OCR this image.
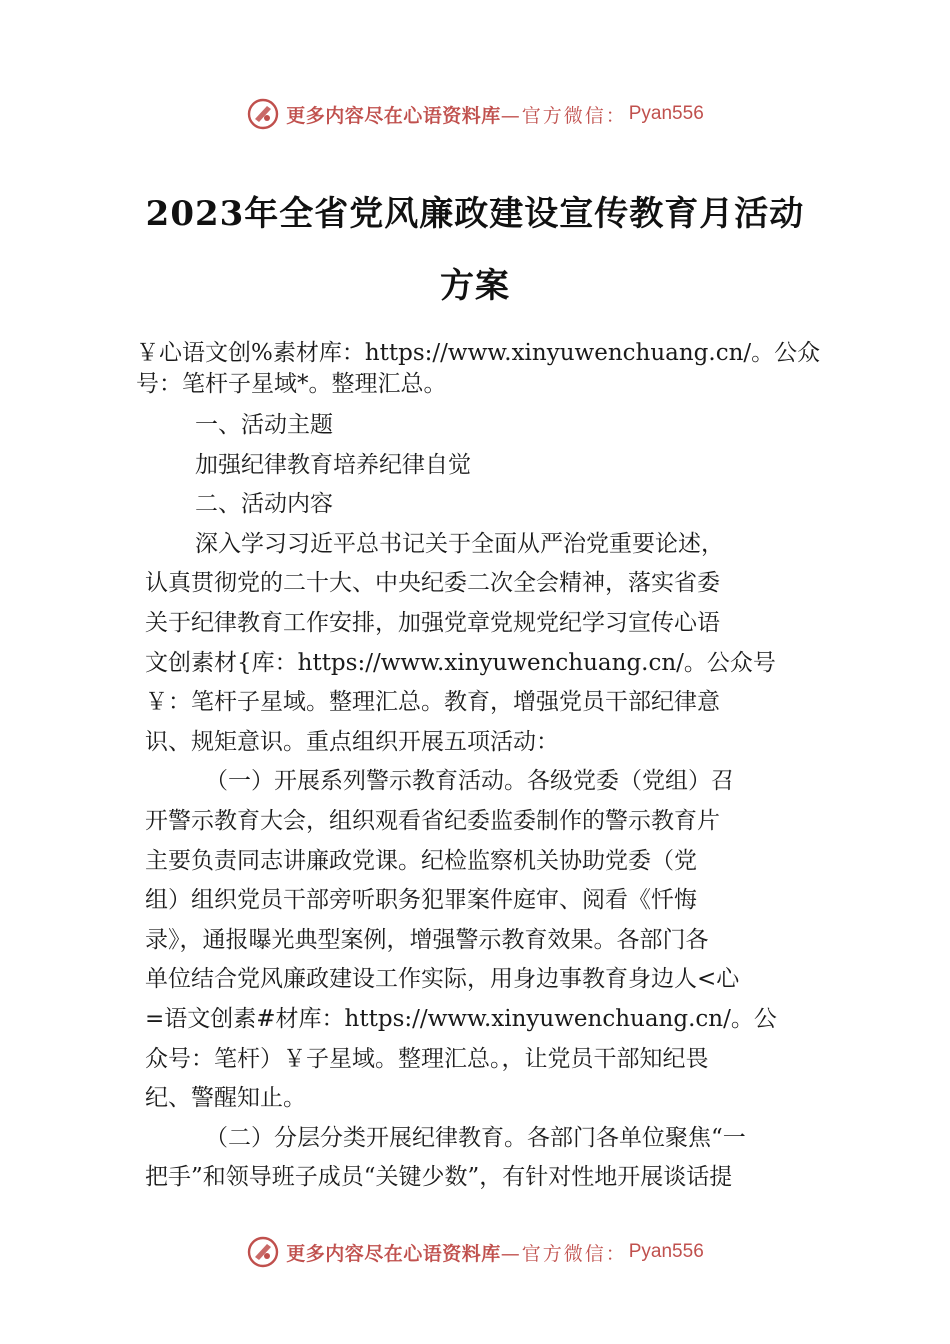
更多内容尽在心语资料库 —官方微信： Pyan556
2023年全省党风廉政建设宣传教育月活动
方案
￥心语文创%素材库：https://www.xinyuwenchuang.cn/。公众
号：笔杆子星域*。整理汇总。
一、活动主题
加强纪律教育培养纪律自觉
二、活动内容
深入学习习近平总书记关于全面从严治党重要论述，
认真贯彻党的二十大、中央纪委二次全会精神，落实省委
关于纪律教育工作安排，加强党章党规党纪学习宣传心语
文创素材{库：https://www.xinyuwenchuang.cn/。公众号
￥：笔杆子星域。整理汇总。教育，增强党员干部纪律意
识、规矩意识。重点组织开展五项活动：
（一）开展系列警示教育活动。各级党委（党组）召
开警示教育大会，组织观看省纪委监委制作的警示教育片
主要负责同志讲廉政党课。纪检监察机关协助党委（党
组）组织党员干部旁听职务犯罪案件庭审、阅看《忏悔
录》，通报曝光典型案例，增强警示教育效果。各部门各
单位结合党风廉政建设工作实际，用身边事教育身边人<心
=语文创素#材库：https://www.xinyuwenchuang.cn/。公
众号：笔杆）￥子星域。整理汇总。，让党员干部知纪畏
纪、警醒知止。
（二）分层分类开展纪律教育。各部门各单位聚焦“一
把手”和领导班子成员“关键少数”，有针对性地开展谈话提
更多内容尽在心语资料库 —官方微信： Pyan556
